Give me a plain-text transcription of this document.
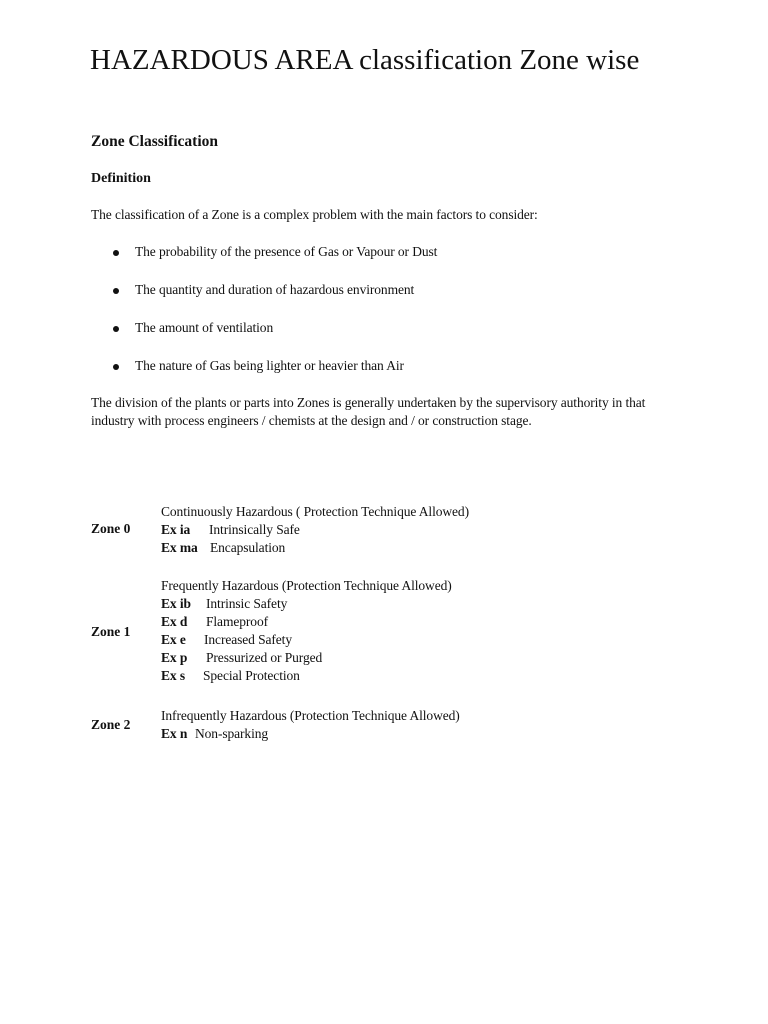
HAZARDOUS AREA classification Zone wise
Zone Classification
Definition

The classification of a Zone is a complex problem with the main factors to consider:

The probability of the presence of Gas or Vapour or Dust
The quantity and duration of hazardous environment
The amount of ventilation
The nature of Gas being lighter or heavier than Air

The division of the plants or parts into Zones is generally undertaken by the supervisory authority in that industry with process engineers / chemists at the design and / or construction stage.

Zone 0
Continuously Hazardous ( Protection Technique Allowed)
Ex ia Intrinsically Safe
Ex ma Encapsulation
Zone 1
Frequently Hazardous (Protection Technique Allowed)
Ex ib Intrinsic Safety
Ex d Flameproof
Ex e Increased Safety
Ex p Pressurized or Purged
Ex s Special Protection
Zone 2
Infrequently Hazardous (Protection Technique Allowed)
Ex n Non-sparking
